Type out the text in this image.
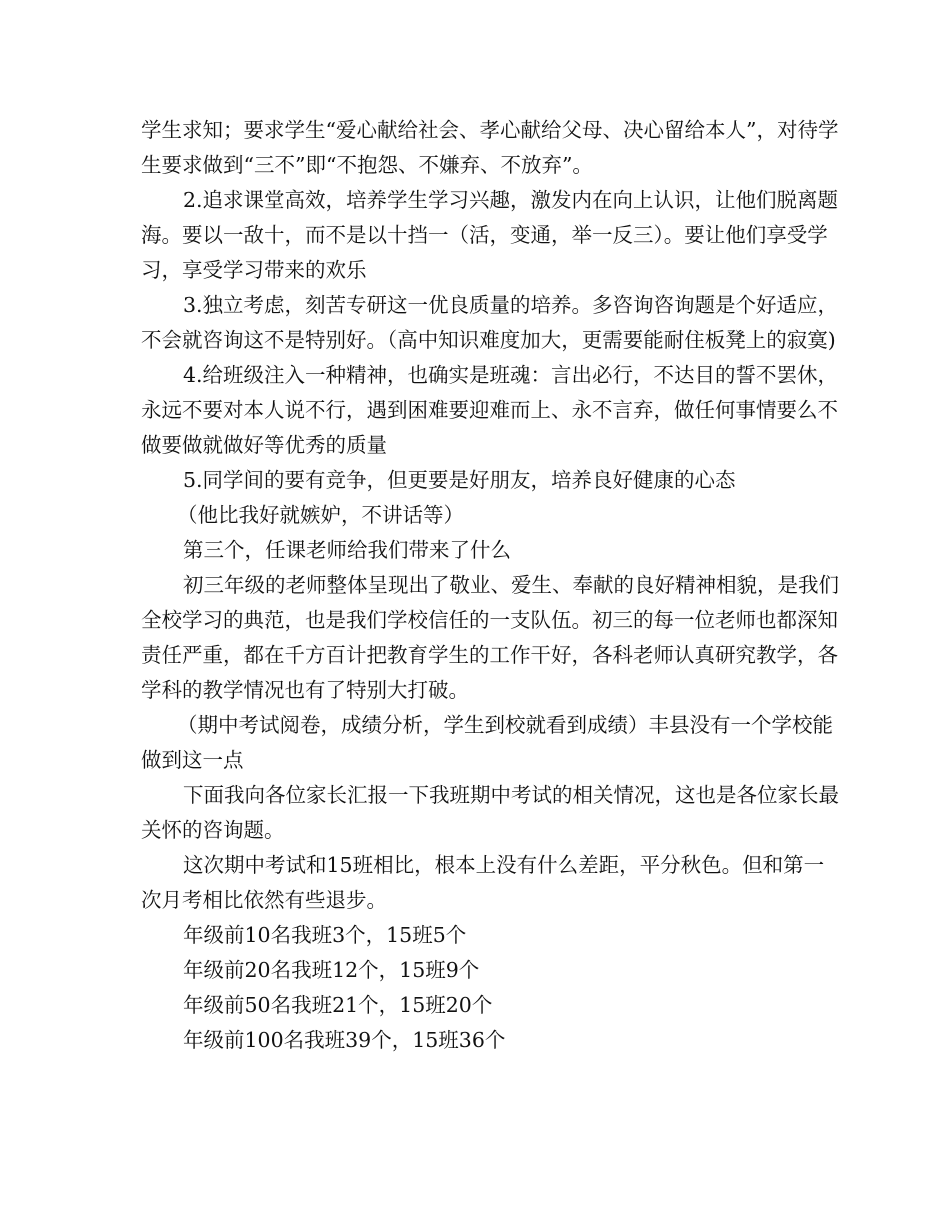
学生求知；要求学生“爱心献给社会、孝心献给父母、决心留给本人”，对待学生要求做到“三不”即“不抱怨、不嫌弃、不放弃”。

2.追求课堂高效，培养学生学习兴趣，激发内在向上认识，让他们脱离题海。要以一敌十，而不是以十挡一（活，变通，举一反三）。要让他们享受学习，享受学习带来的欢乐

3.独立考虑，刻苦专研这一优良质量的培养。多咨询咨询题是个好适应，不会就咨询这不是特别好。（高中知识难度加大，更需要能耐住板凳上的寂寞)

4.给班级注入一种精神，也确实是班魂：言出必行，不达目的誓不罢休，永远不要对本人说不行，遇到困难要迎难而上、永不言弃，做任何事情要么不做要做就做好等优秀的质量

5.同学间的要有竞争，但更要是好朋友，培养良好健康的心态

（他比我好就嫉妒，不讲话等）

第三个，任课老师给我们带来了什么

初三年级的老师整体呈现出了敬业、爱生、奉献的良好精神相貌，是我们全校学习的典范，也是我们学校信任的一支队伍。初三的每一位老师也都深知责任严重，都在千方百计把教育学生的工作干好，各科老师认真研究教学，各学科的教学情况也有了特别大打破。

（期中考试阅卷，成绩分析，学生到校就看到成绩）丰县没有一个学校能做到这一点

下面我向各位家长汇报一下我班期中考试的相关情况，这也是各位家长最关怀的咨询题。

这次期中考试和15班相比，根本上没有什么差距，平分秋色。但和第一次月考相比依然有些退步。

年级前10名我班3个，15班5个

年级前20名我班12个，15班9个

年级前50名我班21个，15班20个

年级前100名我班39个，15班36个
